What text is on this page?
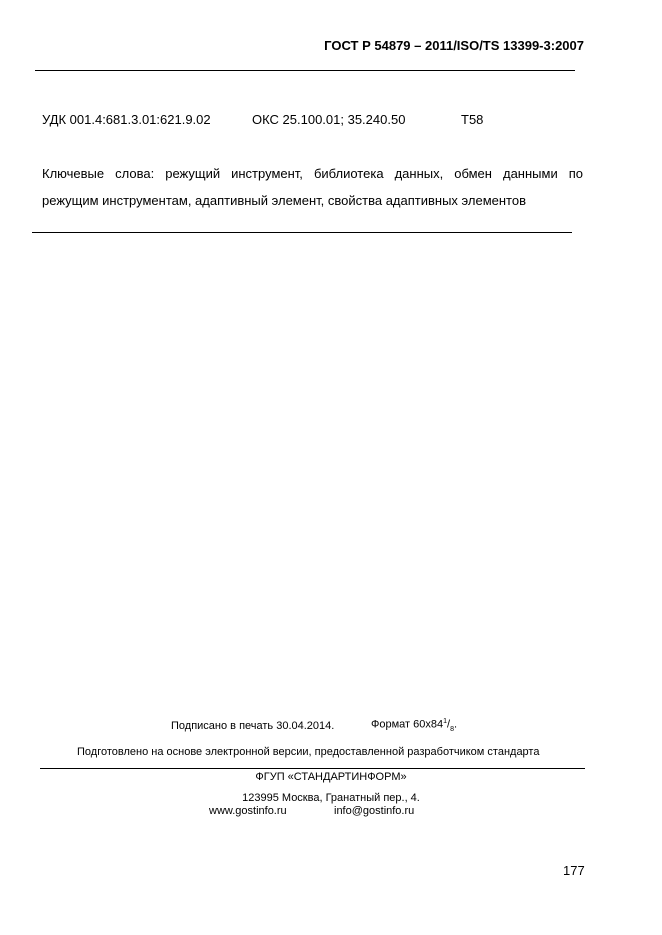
ГОСТ Р 54879 – 2011/ISO/TS 13399-3:2007
УДК 001.4:681.3.01:621.9.02	ОКС 25.100.01; 35.240.50	Т58
Ключевые слова: режущий инструмент, библиотека данных, обмен данными по
режущим инструментам, адаптивный элемент, свойства адаптивных элементов
Подписано в печать 30.04.2014.	Формат $60х84^1/_8$.
Подготовлено на основе электронной версии, предоставленной разработчиком стандарта
ФГУП «СТАНДАРТИНФОРМ»
123995 Москва, Гранатный пер., 4.
www.gostinfo.ru	info@gostinfo.ru
177
